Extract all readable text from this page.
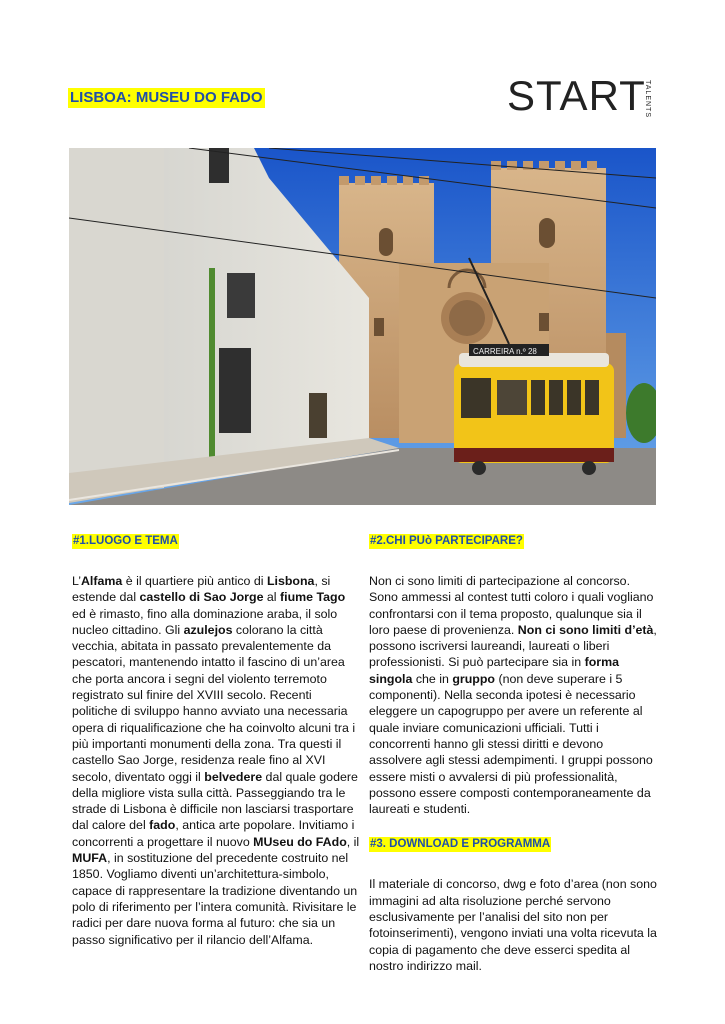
LISBOA: MUSEU DO FADO	START
TALENTS
CARREIRA n.º 28
#1.LUOGO E TEMA

L’Alfama è il quartiere più antico di Lisbona, si estende dal castello di Sao Jorge al fiume Tago ed è rimasto, fino alla dominazione araba, il solo nucleo cittadino. Gli azulejos colorano la città vecchia, abitata in passato prevalentemente da pescatori, mantenendo intatto il fascino di un’area che porta ancora i segni del violento terremoto registrato sul finire del XVIII secolo. Recenti politiche di sviluppo hanno avviato una necessaria opera di riqualificazione che ha coinvolto alcuni tra i più importanti monumenti della zona. Tra questi il castello Sao Jorge, residenza reale fino al XVI secolo, diventato oggi il belvedere dal quale godere della migliore vista sulla città. Passeggiando tra le strade di Lisbona è difficile non lasciarsi trasportare dal calore del fado, antica arte popolare. Invitiamo i concorrenti a progettare il nuovo MUseu do FAdo, il MUFA, in sostituzione del precedente costruito nel 1850. Vogliamo diventi un’architettura-simbolo, capace di rappresentare la tradizione diventando un polo di riferimento per l’intera comunità. Rivisitare le radici per dare nuova forma al futuro: che sia un passo significativo per il rilancio dell’Alfama.

#2.CHI PUò PARTECIPARE?

Non ci sono limiti di partecipazione al concorso. Sono ammessi al contest tutti coloro i quali vogliano confrontarsi con il tema proposto, qualunque sia il loro paese di provenienza. Non ci sono limiti d’età, possono iscriversi laureandi, laureati o liberi professionisti. Si può partecipare sia in forma singola che in gruppo (non deve superare i 5 componenti). Nella seconda ipotesi è necessario eleggere un capogruppo per avere un referente al quale inviare comunicazioni ufficiali. Tutti i concorrenti hanno gli stessi diritti e devono assolvere agli stessi adempimenti. I gruppi possono essere misti o avvalersi di più professionalità, possono essere composti contemporaneamente da laureati e studenti.

#3. DOWNLOAD E PROGRAMMA

Il materiale di concorso, dwg e foto d’area (non sono immagini ad alta risoluzione perché servono esclusivamente per l’analisi del sito non per fotoinserimenti), vengono inviati una volta ricevuta la copia di pagamento che deve esserci spedita al nostro indirizzo mail.
